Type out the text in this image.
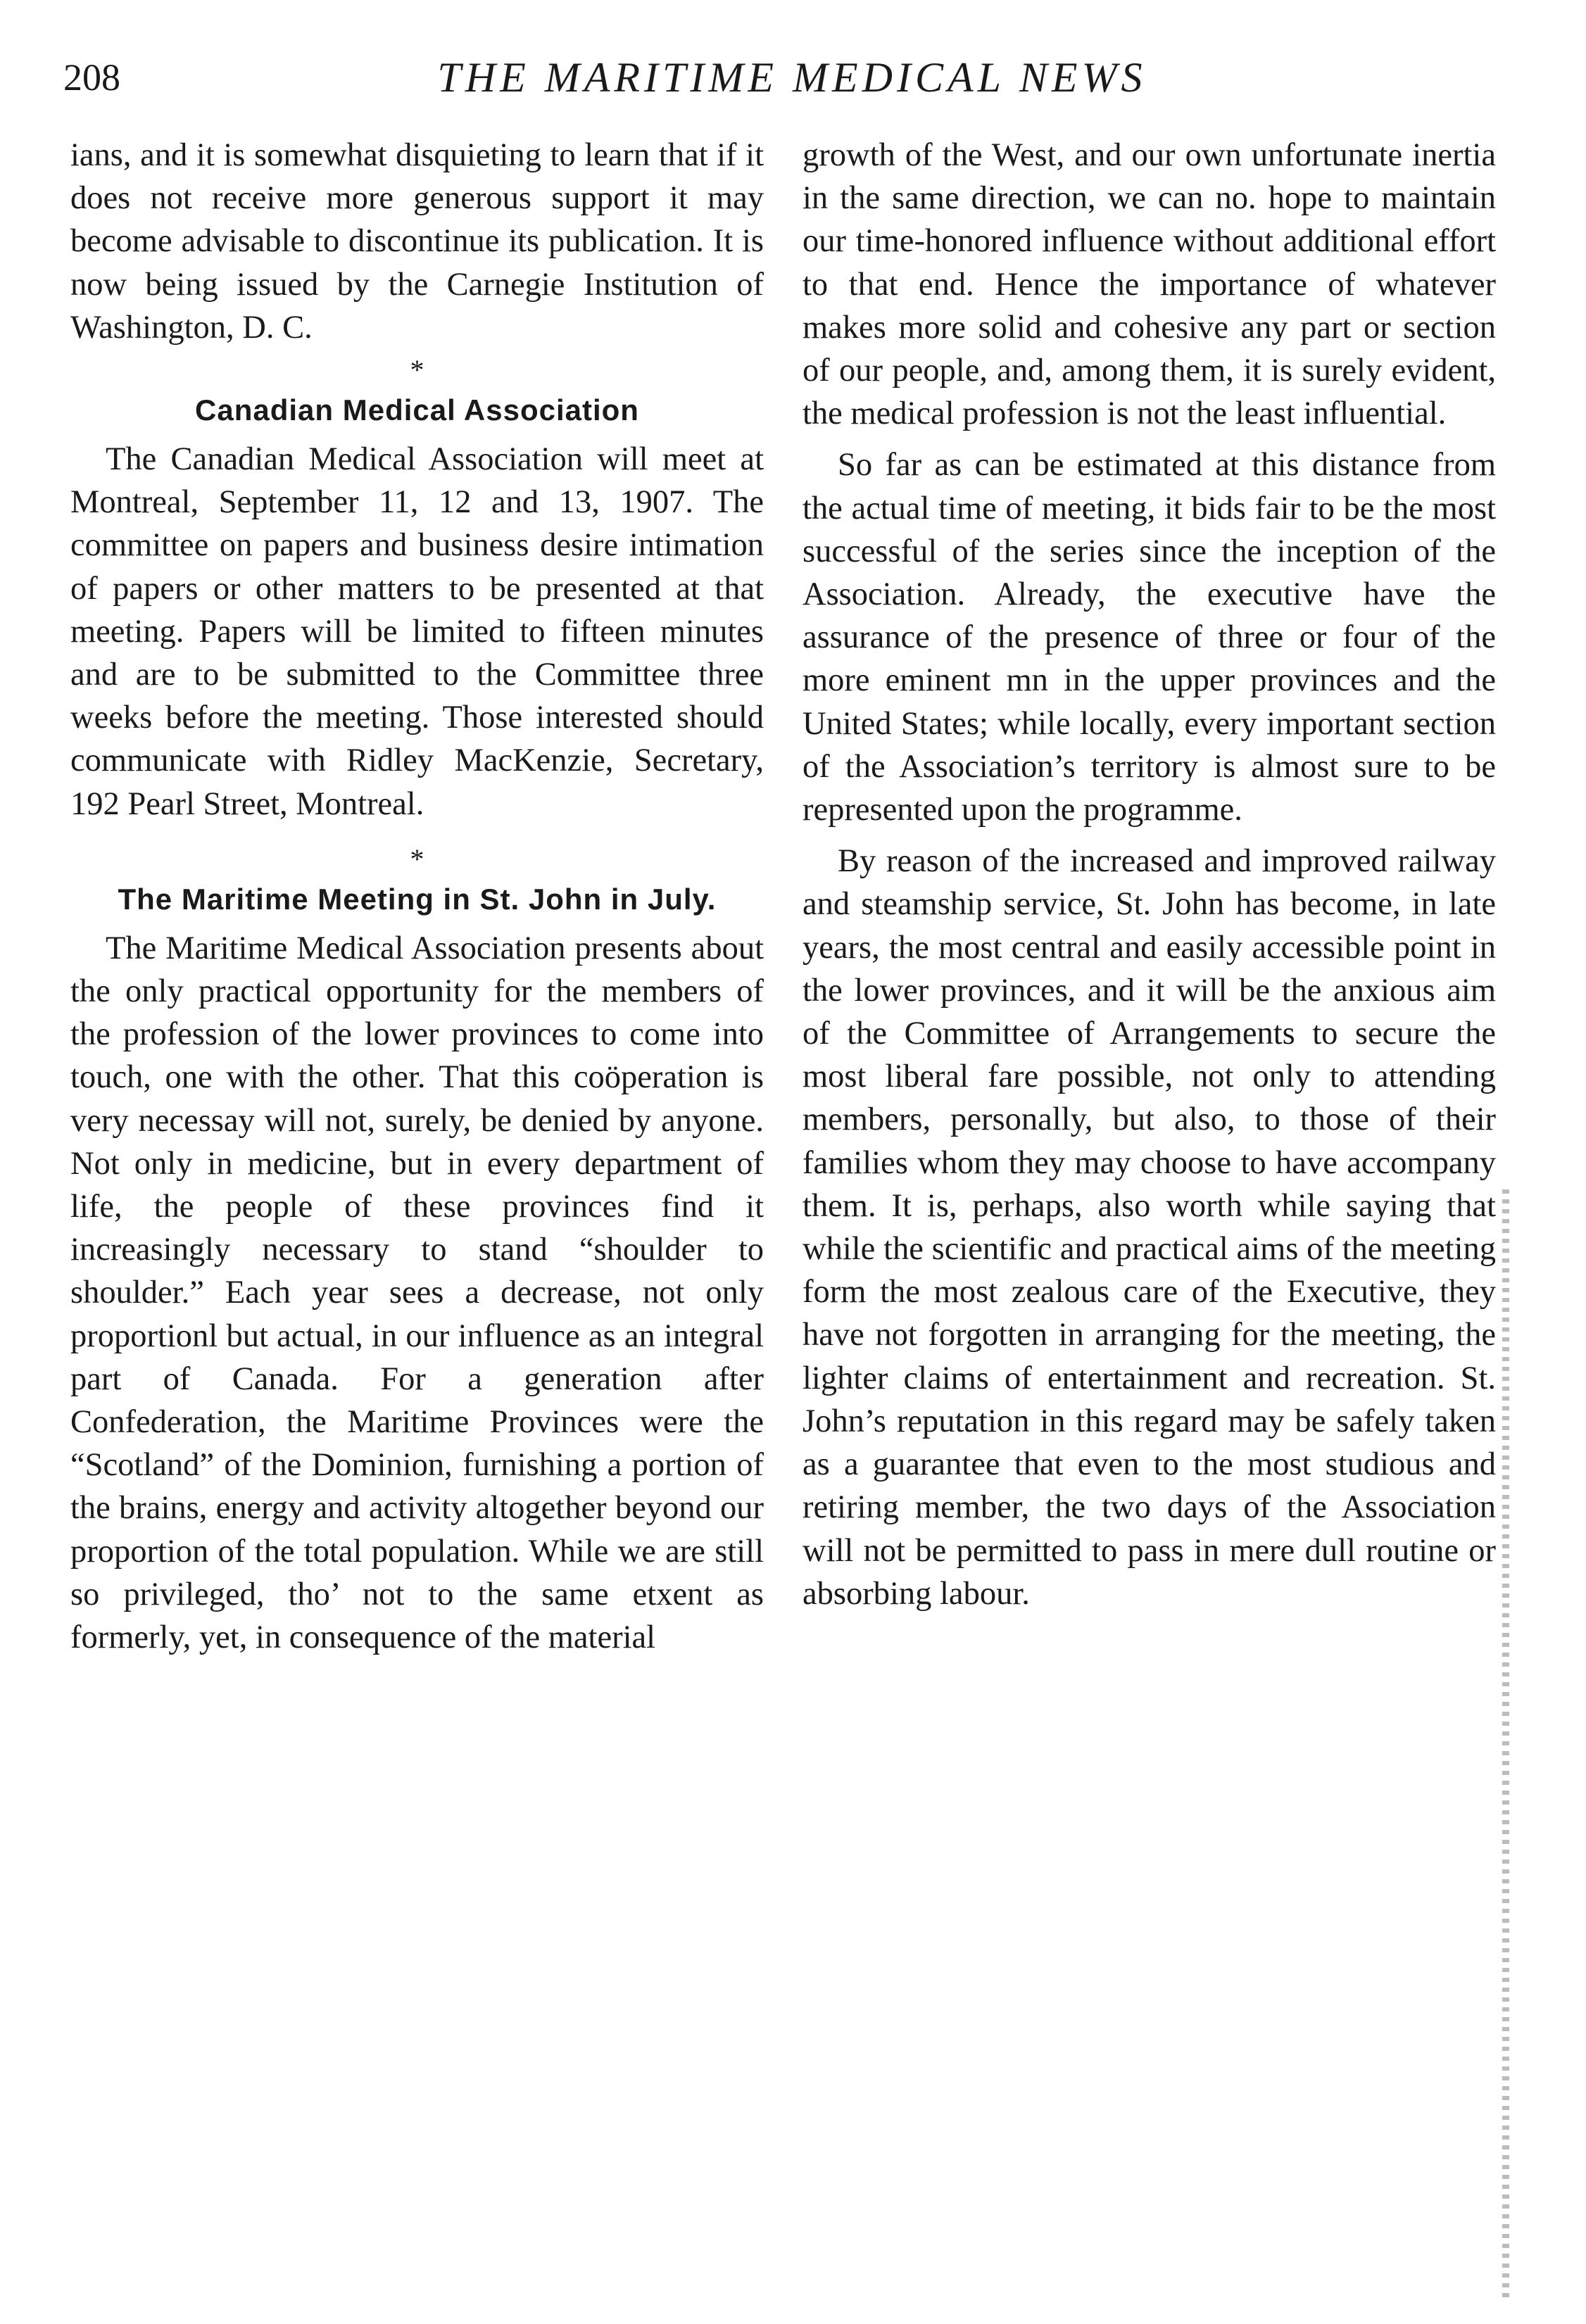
208	THE MARITIME MEDICAL NEWS

ians, and it is somewhat disquieting to learn that if it does not receive more generous support it may become advisable to discontinue its publication. It is now being issued by the Carnegie Institution of Washington, D. C.

*
Canadian Medical Association

The Canadian Medical Association will meet at Montreal, September 11, 12 and 13, 1907. The committee on papers and business desire intimation of papers or other matters to be presented at that meeting. Papers will be limited to fifteen minutes and are to be submitted to the Committee three weeks before the meeting. Those interested should communicate with Ridley MacKenzie, Secretary, 192 Pearl Street, Montreal.

*
The Maritime Meeting in St. John in July.

The Maritime Medical Association presents about the only practical opportunity for the members of the profession of the lower provinces to come into touch, one with the other. That this coöperation is very necessay will not, surely, be denied by anyone. Not only in medicine, but in every department of life, the people of these provinces find it increasingly necessary to stand “shoulder to shoulder.” Each year sees a decrease, not only proportionl but actual, in our influence as an integral part of Canada. For a generation after Confederation, the Maritime Provinces were the “Scotland” of the Dominion, furnishing a portion of the brains, energy and activity altogether beyond our proportion of the total population. While we are still so privileged, tho’ not to the same etxent as formerly, yet, in consequence of the material

growth of the West, and our own unfortunate inertia in the same direction, we can no. hope to maintain our time-honored influence without additional effort to that end. Hence the importance of whatever makes more solid and cohesive any part or section of our people, and, among them, it is surely evident, the medical profession is not the least influential.

So far as can be estimated at this distance from the actual time of meeting, it bids fair to be the most successful of the series since the inception of the Association. Already, the executive have the assurance of the presence of three or four of the more eminent mn in the upper provinces and the United States; while locally, every important section of the Association’s territory is almost sure to be represented upon the programme.

By reason of the increased and improved railway and steamship service, St. John has become, in late years, the most central and easily accessible point in the lower provinces, and it will be the anxious aim of the Committee of Arrangements to secure the most liberal fare possible, not only to attending members, personally, but also, to those of their families whom they may choose to have accompany them. It is, perhaps, also worth while saying that while the scientific and practical aims of the meeting form the most zealous care of the Executive, they have not forgotten in arranging for the meeting, the lighter claims of entertainment and recreation. St. John’s reputation in this regard may be safely taken as a guarantee that even to the most studious and retiring member, the two days of the Association will not be permitted to pass in mere dull routine or absorbing labour.
